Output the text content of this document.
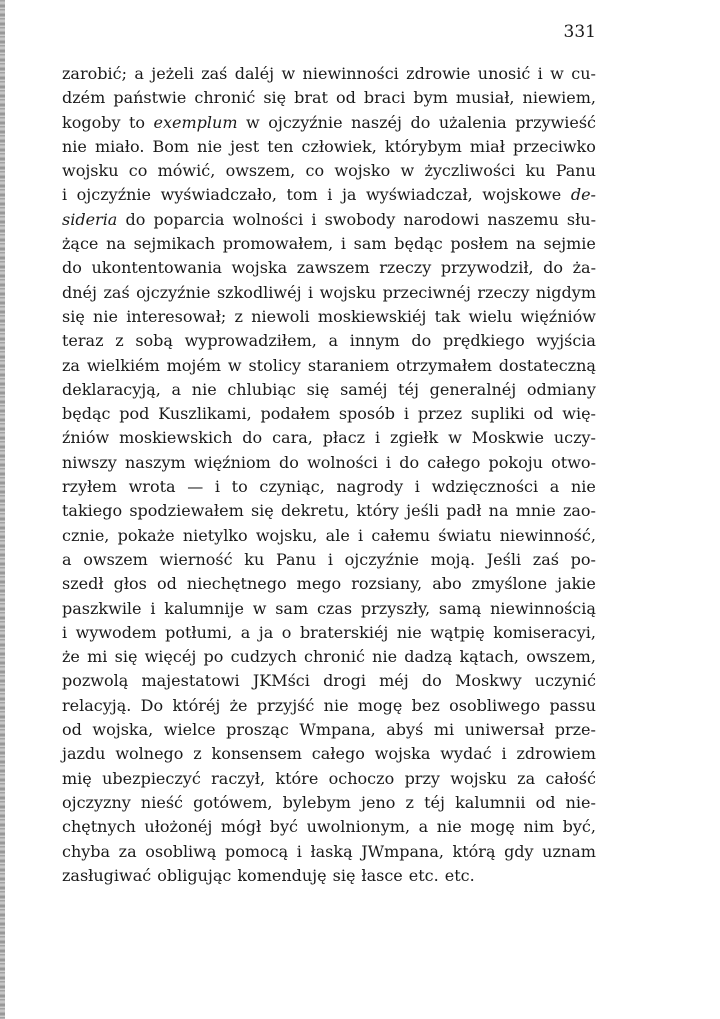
331
zarobić; a jeżeli zaś daléj w niewinności zdrowie unosić i w cu-
dzém państwie chronić się brat od braci bym musiał, niewiem,
kogoby to exemplum w ojczyźnie naszéj do użalenia przywieść
nie miało. Bom nie jest ten człowiek, którybym miał przeciwko
wojsku co mówić, owszem, co wojsko w życzliwości ku Panu
i ojczyźnie wyświadczało, tom i ja wyświadczał, wojskowe de-
sideria do poparcia wolności i swobody narodowi naszemu słu-
żące na sejmikach promowałem, i sam będąc posłem na sejmie
do ukontentowania wojska zawszem rzeczy przywodził, do ża-
dnéj zaś ojczyźnie szkodliwéj i wojsku przeciwnéj rzeczy nigdym
się nie interesował; z niewoli moskiewskiéj tak wielu więźniów
teraz z sobą wyprowadziłem, a innym do prędkiego wyjścia
za wielkiém mojém w stolicy staraniem otrzymałem dostateczną
deklaracyją, a nie chlubiąc się saméj téj generalnéj odmiany
będąc pod Kuszlikami, podałem sposób i przez supliki od wię-
źniów moskiewskich do cara, płacz i zgiełk w Moskwie uczy-
niwszy naszym więźniom do wolności i do całego pokoju otwo-
rzyłem wrota — i to czyniąc, nagrody i wdzięczności a nie
takiego spodziewałem się dekretu, który jeśli padł na mnie zao-
cznie, pokaże nietylko wojsku, ale i całemu światu niewinność,
a owszem wierność ku Panu i ojczyźnie moją. Jeśli zaś po-
szedł głos od niechętnego mego rozsiany, abo zmyślone jakie
paszkwile i kalumnije w sam czas przyszły, samą niewinnością
i wywodem potłumi, a ja o braterskiéj nie wątpię komiseracyi,
że mi się więcéj po cudzych chronić nie dadzą kątach, owszem,
pozwolą majestatowi JKMści drogi méj do Moskwy uczynić
relacyją. Do któréj że przyjść nie mogę bez osobliwego passu
od wojska, wielce prosząc Wmpana, abyś mi uniwersał prze-
jazdu wolnego z konsensem całego wojska wydać i zdrowiem
mię ubezpieczyć raczył, które ochoczo przy wojsku za całość
ojczyzny nieść gotówem, bylebym jeno z téj kalumnii od nie-
chętnych ułożonéj mógł być uwolnionym, a nie mogę nim być,
chyba za osobliwą pomocą i łaską JWmpana, którą gdy uznam
zasługiwać obligując komenduję się łasce etc. etc.
